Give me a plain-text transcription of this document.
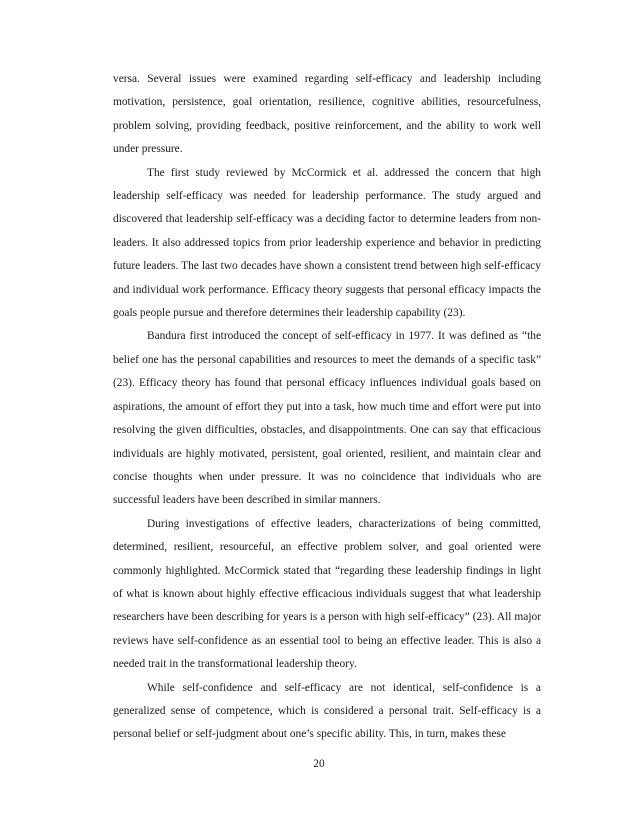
versa. Several issues were examined regarding self-efficacy and leadership including motivation, persistence, goal orientation, resilience, cognitive abilities, resourcefulness, problem solving, providing feedback, positive reinforcement, and the ability to work well under pressure.

The first study reviewed by McCormick et al. addressed the concern that high leadership self-efficacy was needed for leadership performance. The study argued and discovered that leadership self-efficacy was a deciding factor to determine leaders from non-leaders. It also addressed topics from prior leadership experience and behavior in predicting future leaders. The last two decades have shown a consistent trend between high self-efficacy and individual work performance. Efficacy theory suggests that personal efficacy impacts the goals people pursue and therefore determines their leadership capability (23).

Bandura first introduced the concept of self-efficacy in 1977. It was defined as “the belief one has the personal capabilities and resources to meet the demands of a specific task” (23). Efficacy theory has found that personal efficacy influences individual goals based on aspirations, the amount of effort they put into a task, how much time and effort were put into resolving the given difficulties, obstacles, and disappointments. One can say that efficacious individuals are highly motivated, persistent, goal oriented, resilient, and maintain clear and concise thoughts when under pressure. It was no coincidence that individuals who are successful leaders have been described in similar manners.

During investigations of effective leaders, characterizations of being committed, determined, resilient, resourceful, an effective problem solver, and goal oriented were commonly highlighted. McCormick stated that “regarding these leadership findings in light of what is known about highly effective efficacious individuals suggest that what leadership researchers have been describing for years is a person with high self-efficacy” (23). All major reviews have self-confidence as an essential tool to being an effective leader. This is also a needed trait in the transformational leadership theory.

While self-confidence and self-efficacy are not identical, self-confidence is a generalized sense of competence, which is considered a personal trait. Self-efficacy is a personal belief or self-judgment about one’s specific ability. This, in turn, makes these

20
